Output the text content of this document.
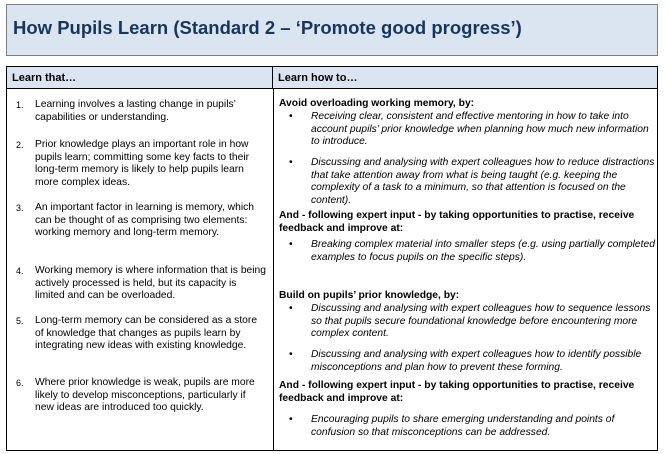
How Pupils Learn (Standard 2 – ‘Promote good progress’)
Learn that…	Learn how to…
1. Learning involves a lasting change in pupils’ capabilities or understanding.
2. Prior knowledge plays an important role in how pupils learn; committing some key facts to their long-term memory is likely to help pupils learn more complex ideas.
3. An important factor in learning is memory, which can be thought of as comprising two elements: working memory and long-term memory.
4. Working memory is where information that is being actively processed is held, but its capacity is limited and can be overloaded.
5. Long-term memory can be considered as a store of knowledge that changes as pupils learn by integrating new ideas with existing knowledge.
6. Where prior knowledge is weak, pupils are more likely to develop misconceptions, particularly if new ideas are introduced too quickly.
Avoid overloading working memory, by:
• Receiving clear, consistent and effective mentoring in how to take into account pupils’ prior knowledge when planning how much new information to introduce.
• Discussing and analysing with expert colleagues how to reduce distractions that take attention away from what is being taught (e.g. keeping the complexity of a task to a minimum, so that attention is focused on the content).
And - following expert input - by taking opportunities to practise, receive feedback and improve at:
• Breaking complex material into smaller steps (e.g. using partially completed examples to focus pupils on the specific steps).
Build on pupils’ prior knowledge, by:
• Discussing and analysing with expert colleagues how to sequence lessons so that pupils secure foundational knowledge before encountering more complex content.
• Discussing and analysing with expert colleagues how to identify possible misconceptions and plan how to prevent these forming.
And - following expert input - by taking opportunities to practise, receive feedback and improve at:
• Encouraging pupils to share emerging understanding and points of confusion so that misconceptions can be addressed.
